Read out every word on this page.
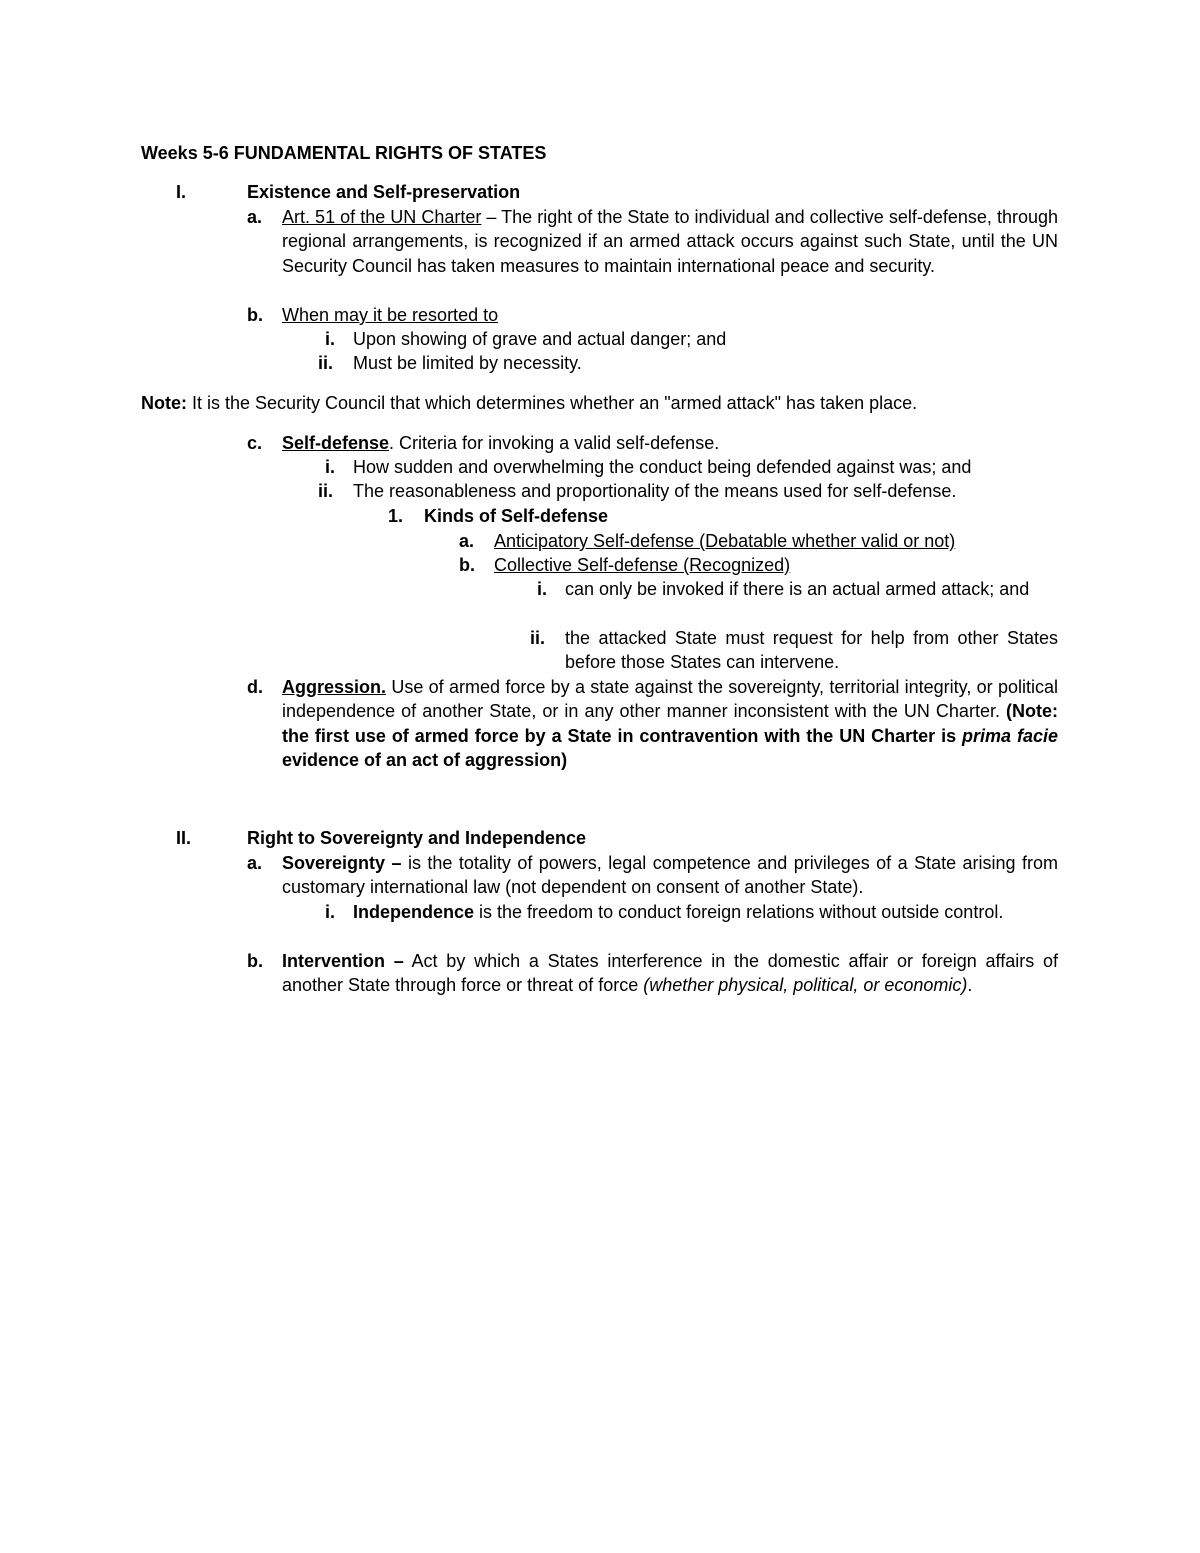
Weeks 5-6 FUNDAMENTAL RIGHTS OF STATES
I.	Existence and Self-preservation
a. Art. 51 of the UN Charter – The right of the State to individual and collective self-defense, through regional arrangements, is recognized if an armed attack occurs against such State, until the UN Security Council has taken measures to maintain international peace and security.
b. When may it be resorted to
i. Upon showing of grave and actual danger; and
ii. Must be limited by necessity.
Note: It is the Security Council that which determines whether an "armed attack" has taken place.
c. Self-defense. Criteria for invoking a valid self-defense.
i. How sudden and overwhelming the conduct being defended against was; and
ii. The reasonableness and proportionality of the means used for self-defense.
1. Kinds of Self-defense
a. Anticipatory Self-defense (Debatable whether valid or not)
b. Collective Self-defense (Recognized)
i. can only be invoked if there is an actual armed attack; and
ii. the attacked State must request for help from other States before those States can intervene.
d. Aggression. Use of armed force by a state against the sovereignty, territorial integrity, or political independence of another State, or in any other manner inconsistent with the UN Charter. (Note: the first use of armed force by a State in contravention with the UN Charter is prima facie evidence of an act of aggression)
II.	Right to Sovereignty and Independence
a. Sovereignty – is the totality of powers, legal competence and privileges of a State arising from customary international law (not dependent on consent of another State).
i. Independence is the freedom to conduct foreign relations without outside control.
b. Intervention – Act by which a States interference in the domestic affair or foreign affairs of another State through force or threat of force (whether physical, political, or economic).
